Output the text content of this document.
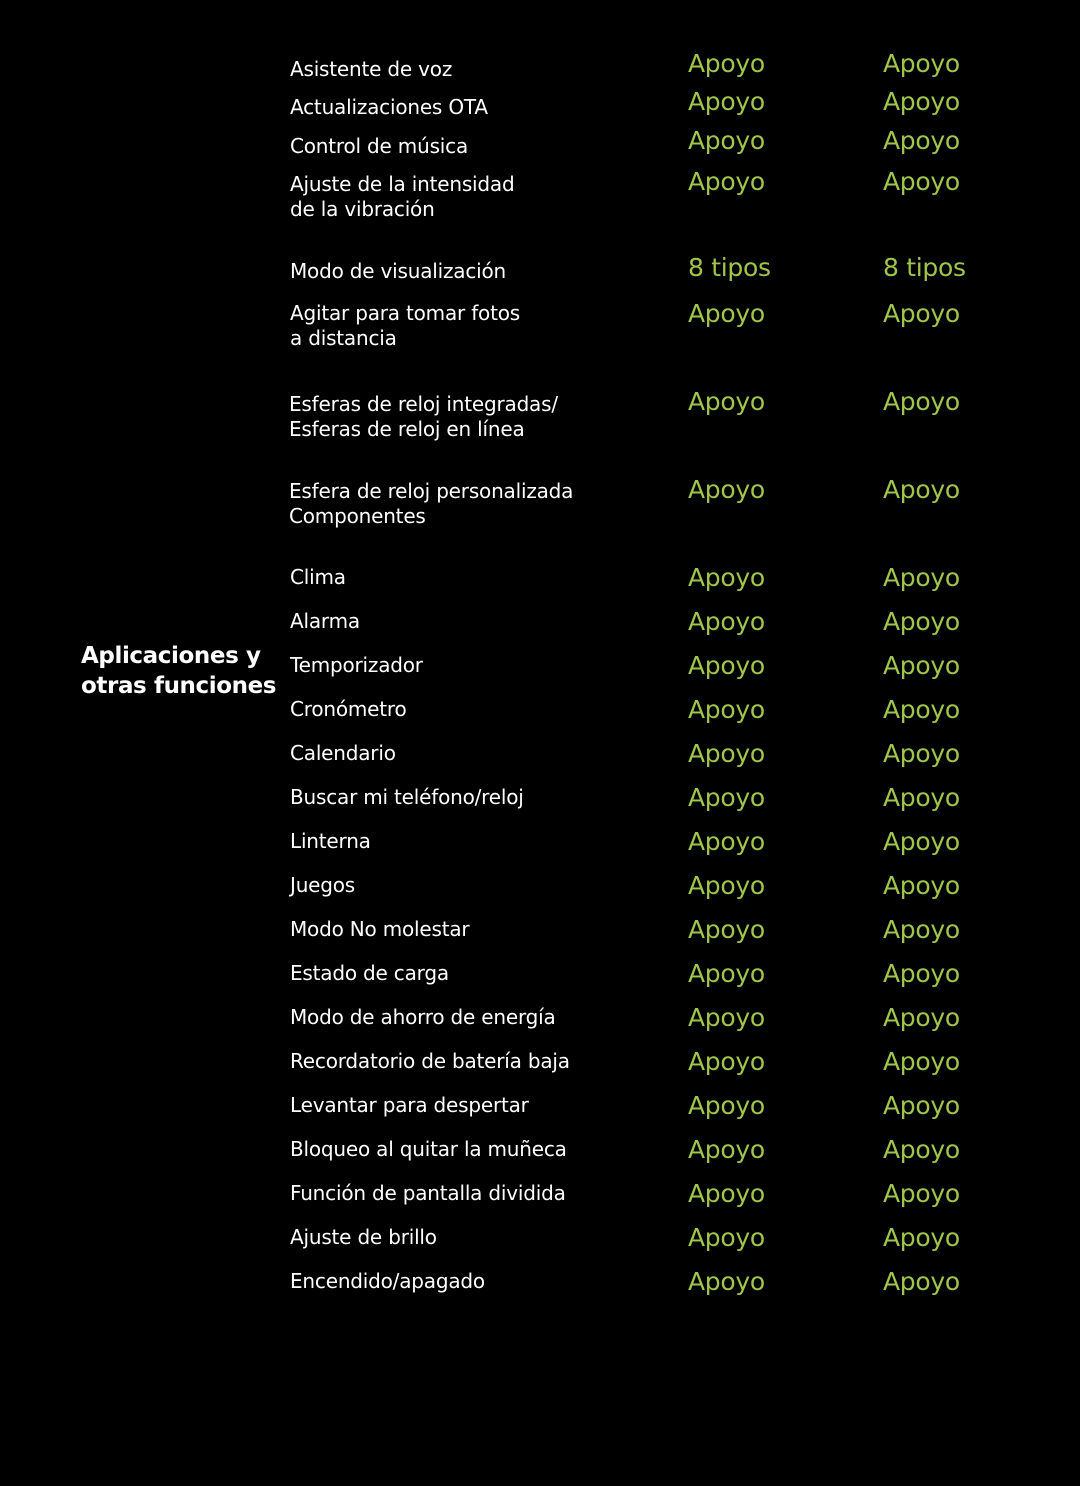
Aplicaciones y
otras funciones
Asistente de voz	Apoyo	Apoyo
Actualizaciones OTA	Apoyo	Apoyo
Control de música	Apoyo	Apoyo
Ajuste de la intensidad
de la vibración
Apoyo	Apoyo
Modo de visualización	8 tipos	8 tipos
Agitar para tomar fotos
a distancia
Apoyo	Apoyo
Esferas de reloj integradas/
Esferas de reloj en línea
Apoyo	Apoyo
Esfera de reloj personalizada
Componentes
Apoyo	Apoyo
Clima	Apoyo	Apoyo
Alarma	Apoyo	Apoyo
Temporizador	Apoyo	Apoyo
Cronómetro	Apoyo	Apoyo
Calendario	Apoyo	Apoyo
Buscar mi teléfono/reloj	Apoyo	Apoyo
Linterna	Apoyo	Apoyo
Juegos	Apoyo	Apoyo
Modo No molestar	Apoyo	Apoyo
Estado de carga	Apoyo	Apoyo
Modo de ahorro de energía	Apoyo	Apoyo
Recordatorio de batería baja	Apoyo	Apoyo
Levantar para despertar	Apoyo	Apoyo
Bloqueo al quitar la muñeca	Apoyo	Apoyo
Función de pantalla dividida	Apoyo	Apoyo
Ajuste de brillo	Apoyo	Apoyo
Encendido/apagado	Apoyo	Apoyo
